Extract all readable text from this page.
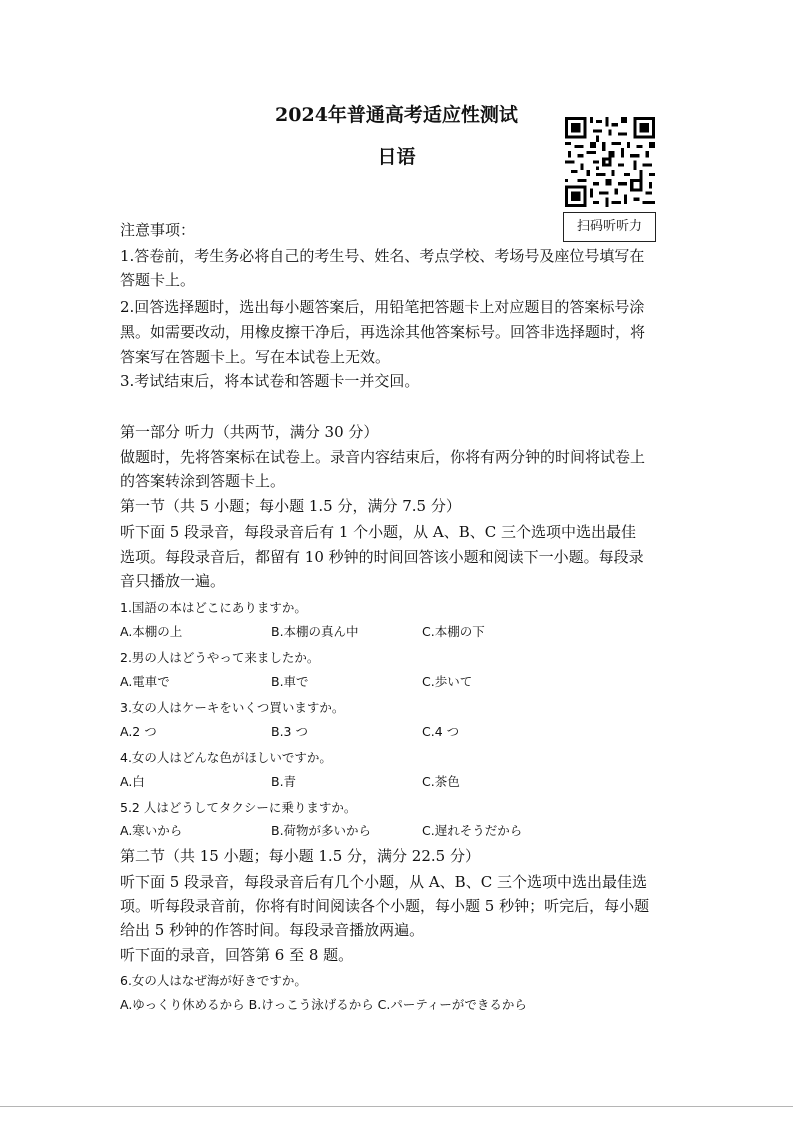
2024年普通高考适应性测试
日语
扫码听听力
注意事项：
1.答卷前，考生务必将自己的考生号、姓名、考点学校、考场号及座位号填写在
答题卡上。
2.回答选择题时，选出每小题答案后，用铅笔把答题卡上对应题目的答案标号涂
黑。如需要改动，用橡皮擦干净后，再选涂其他答案标号。回答非选择题时，将
答案写在答题卡上。写在本试卷上无效。
3.考试结束后，将本试卷和答题卡一并交回。
第一部分 听力（共两节，满分 30 分）
做题时，先将答案标在试卷上。录音内容结束后，你将有两分钟的时间将试卷上
的答案转涂到答题卡上。
第一节（共 5 小题；每小题 1.5 分，满分 7.5 分）
听下面 5 段录音，每段录音后有 1 个小题，从 A、B、C 三个选项中选出最佳
选项。每段录音后，都留有 10 秒钟的时间回答该小题和阅读下一小题。每段录
音只播放一遍。
1.国語の本はどこにありますか。
A.本棚の上	B.本棚の真ん中	C.本棚の下
2.男の人はどうやって来ましたか。
A.電車で	B.車で	C.歩いて
3.女の人はケーキをいくつ買いますか。
A.2 つ	B.3 つ	C.4 つ
4.女の人はどんな色がほしいですか。
A.白	B.青	C.茶色
5.2 人はどうしてタクシーに乗りますか。
A.寒いから	B.荷物が多いから	C.遅れそうだから
第二节（共 15 小题；每小题 1.5 分，满分 22.5 分）
听下面 5 段录音，每段录音后有几个小题，从 A、B、C 三个选项中选出最佳选
项。听每段录音前，你将有时间阅读各个小题，每小题 5 秒钟；听完后，每小题
给出 5 秒钟的作答时间。每段录音播放两遍。
听下面的录音，回答第 6 至 8 题。
6.女の人はなぜ海が好きですか。
A.ゆっくり休めるから B.けっこう泳げるから C.パーティーができるから
